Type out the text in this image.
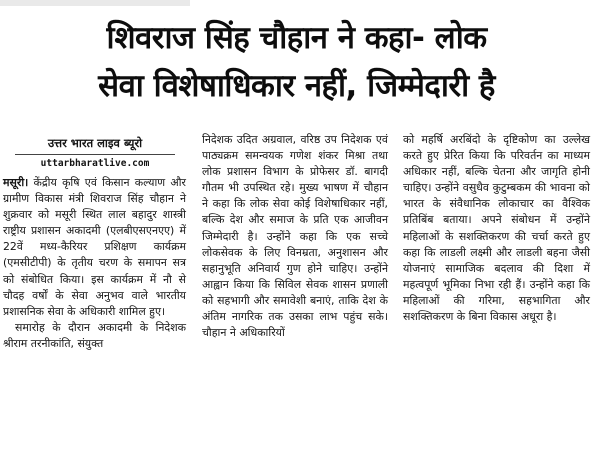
शिवराज सिंह चौहान ने कहा- लोक
सेवा विशेषाधिकार नहीं, जिम्मेदारी है
उत्तर भारत लाइव ब्यूरो
uttarbharatlive.com

मसूरी। केंद्रीय कृषि एवं किसान कल्याण और ग्रामीण विकास मंत्री शिवराज सिंह चौहान ने शुक्रवार को मसूरी स्थित लाल बहादुर शास्त्री राष्ट्रीय प्रशासन अकादमी (एलबीएसएनएए) में 22वें मध्य-कैरियर प्रशिक्षण कार्यक्रम (एमसीटीपी) के तृतीय चरण के समापन सत्र को संबोधित किया। इस कार्यक्रम में नौ से चौदह वर्षों के सेवा अनुभव वाले भारतीय प्रशासनिक सेवा के अधिकारी शामिल हुए।

समारोह के दौरान अकादमी के निदेशक श्रीराम तरनीकांति, संयुक्त

निदेशक उदित अग्रवाल, वरिष्ठ उप निदेशक एवं पाठ्यक्रम समन्वयक गणेश शंकर मिश्रा तथा लोक प्रशासन विभाग के प्रोफेसर डॉ. बागदी गौतम भी उपस्थित रहे। मुख्य भाषण में चौहान ने कहा कि लोक सेवा कोई विशेषाधिकार नहीं, बल्कि देश और समाज के प्रति एक आजीवन जिम्मेदारी है। उन्होंने कहा कि एक सच्चे लोकसेवक के लिए विनम्रता, अनुशासन और सहानुभूति अनिवार्य गुण होने चाहिए। उन्होंने आह्वान किया कि सिविल सेवक शासन प्रणाली को सहभागी और समावेशी बनाएं, ताकि देश के अंतिम नागरिक तक उसका लाभ पहुंच सके। चौहान ने अधिकारियों

को महर्षि अरबिंदो के दृष्टिकोण का उल्लेख करते हुए प्रेरित किया कि परिवर्तन का माध्यम अधिकार नहीं, बल्कि चेतना और जागृति होनी चाहिए। उन्होंने वसुधैव कुटुम्बकम की भावना को भारत के संवैधानिक लोकाचार का वैश्विक प्रतिबिंब बताया। अपने संबोधन में उन्होंने महिलाओं के सशक्तिकरण की चर्चा करते हुए कहा कि लाडली लक्ष्मी और लाडली बहना जैसी योजनाएं सामाजिक बदलाव की दिशा में महत्वपूर्ण भूमिका निभा रही हैं। उन्होंने कहा कि महिलाओं की गरिमा, सहभागिता और सशक्तिकरण के बिना विकास अधूरा है।
